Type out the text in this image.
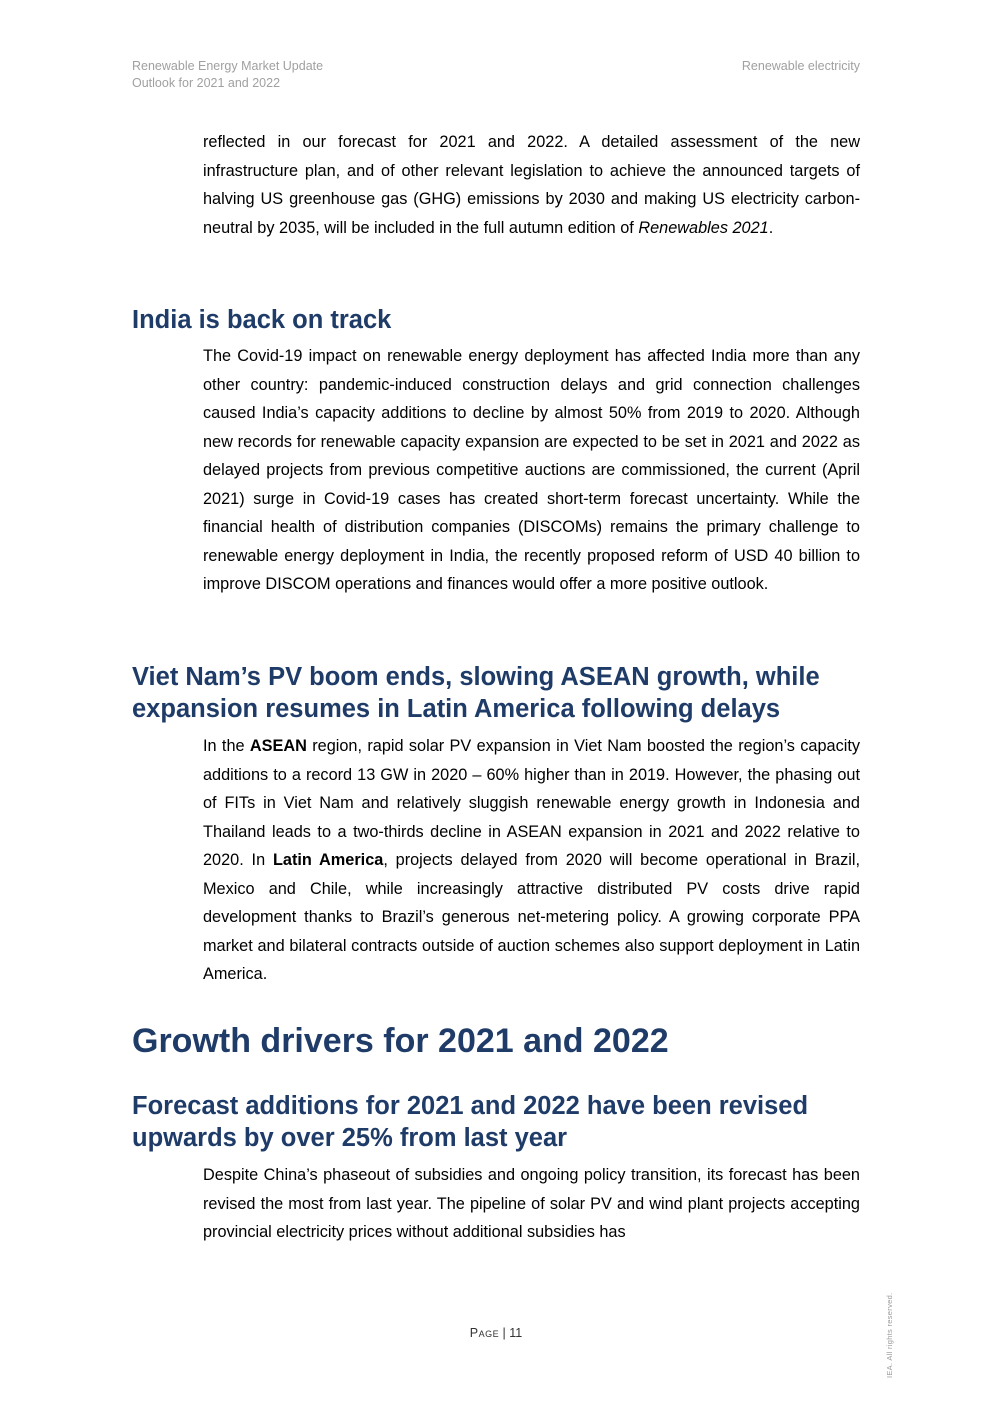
Renewable Energy Market Update
Outlook for 2021 and 2022
Renewable electricity

reflected in our forecast for 2021 and 2022. A detailed assessment of the new infrastructure plan, and of other relevant legislation to achieve the announced targets of halving US greenhouse gas (GHG) emissions by 2030 and making US electricity carbon-neutral by 2035, will be included in the full autumn edition of Renewables 2021.

India is back on track

The Covid-19 impact on renewable energy deployment has affected India more than any other country: pandemic-induced construction delays and grid connection challenges caused India’s capacity additions to decline by almost 50% from 2019 to 2020. Although new records for renewable capacity expansion are expected to be set in 2021 and 2022 as delayed projects from previous competitive auctions are commissioned, the current (April 2021) surge in Covid-19 cases has created short-term forecast uncertainty. While the financial health of distribution companies (DISCOMs) remains the primary challenge to renewable energy deployment in India, the recently proposed reform of USD 40 billion to improve DISCOM operations and finances would offer a more positive outlook.

Viet Nam’s PV boom ends, slowing ASEAN growth, while expansion resumes in Latin America following delays

In the ASEAN region, rapid solar PV expansion in Viet Nam boosted the region’s capacity additions to a record 13 GW in 2020 – 60% higher than in 2019. However, the phasing out of FITs in Viet Nam and relatively sluggish renewable energy growth in Indonesia and Thailand leads to a two-thirds decline in ASEAN expansion in 2021 and 2022 relative to 2020. In Latin America, projects delayed from 2020 will become operational in Brazil, Mexico and Chile, while increasingly attractive distributed PV costs drive rapid development thanks to Brazil’s generous net-metering policy. A growing corporate PPA market and bilateral contracts outside of auction schemes also support deployment in Latin America.

Growth drivers for 2021 and 2022
Forecast additions for 2021 and 2022 have been revised upwards by over 25% from last year

Despite China’s phaseout of subsidies and ongoing policy transition, its forecast has been revised the most from last year. The pipeline of solar PV and wind plant projects accepting provincial electricity prices without additional subsidies has

Page | 11	IEA. All rights reserved.
